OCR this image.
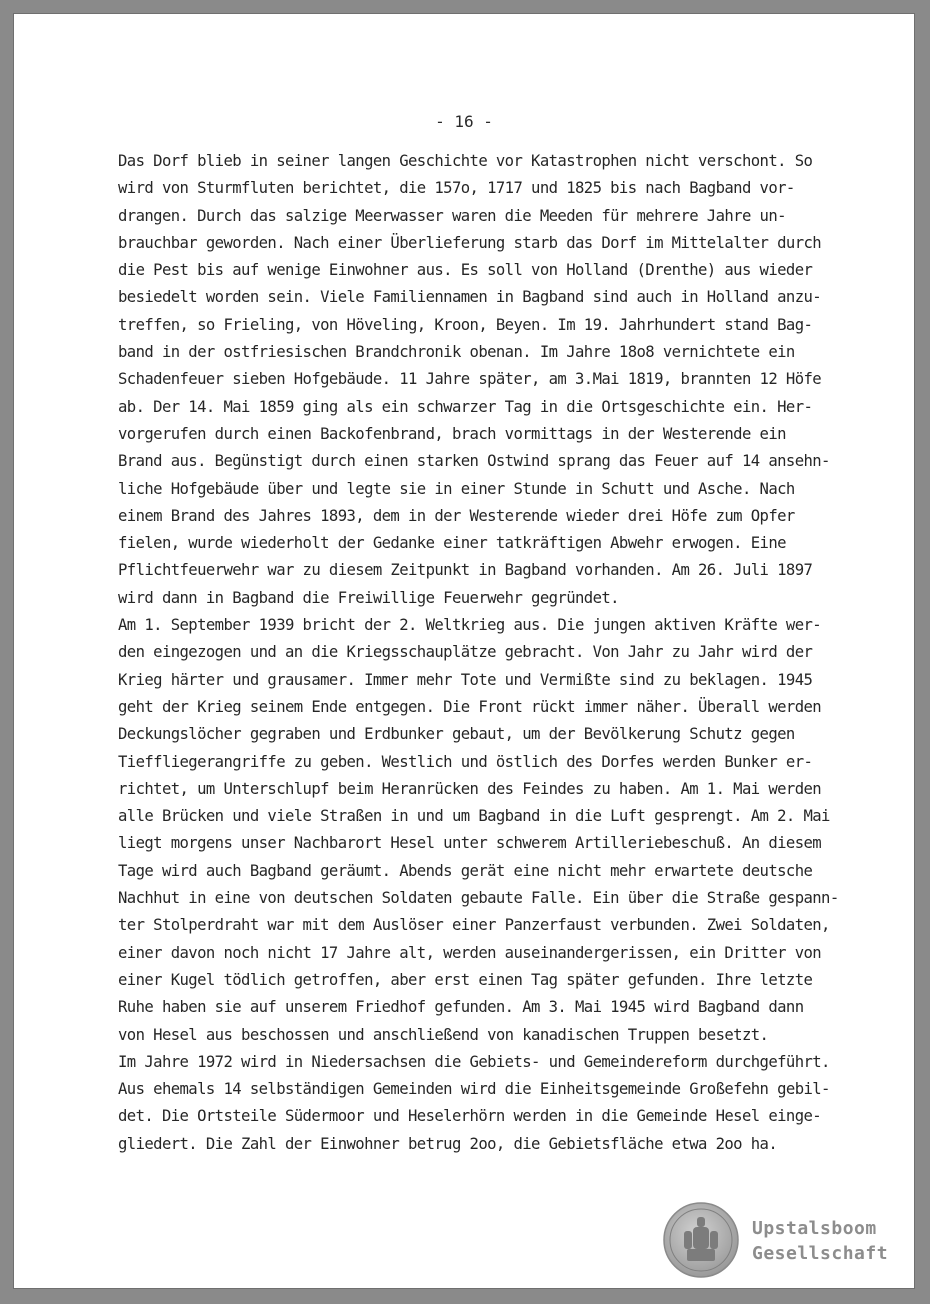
- 16 -
Das Dorf blieb in seiner langen Geschichte vor Katastrophen nicht verschont. So
wird von Sturmfluten berichtet, die 157o, 1717 und 1825 bis nach Bagband vor-
drangen. Durch das salzige Meerwasser waren die Meeden für mehrere Jahre un-
brauchbar geworden. Nach einer Überlieferung starb das Dorf im Mittelalter durch
die Pest bis auf wenige Einwohner aus. Es soll von Holland (Drenthe) aus wieder
besiedelt worden sein. Viele Familiennamen in Bagband sind auch in Holland anzu-
treffen, so Frieling, von Höveling, Kroon, Beyen. Im 19. Jahrhundert stand Bag-
band in der ostfriesischen Brandchronik obenan. Im Jahre 18o8 vernichtete ein
Schadenfeuer sieben Hofgebäude. 11 Jahre später, am 3.Mai 1819, brannten 12 Höfe
ab. Der 14. Mai 1859 ging als ein schwarzer Tag in die Ortsgeschichte ein. Her-
vorgerufen durch einen Backofenbrand, brach vormittags in der Westerende ein
Brand aus. Begünstigt durch einen starken Ostwind sprang das Feuer auf 14 ansehn-
liche Hofgebäude über und legte sie in einer Stunde in Schutt und Asche. Nach
einem Brand des Jahres 1893, dem in der Westerende wieder drei Höfe zum Opfer
fielen, wurde wiederholt der Gedanke einer tatkräftigen Abwehr erwogen. Eine
Pflichtfeuerwehr war zu diesem Zeitpunkt in Bagband vorhanden. Am 26. Juli 1897
wird dann in Bagband die Freiwillige Feuerwehr gegründet.
Am 1. September 1939 bricht der 2. Weltkrieg aus. Die jungen aktiven Kräfte wer-
den eingezogen und an die Kriegsschauplätze gebracht. Von Jahr zu Jahr wird der
Krieg härter und grausamer. Immer mehr Tote und Vermißte sind zu beklagen. 1945
geht der Krieg seinem Ende entgegen. Die Front rückt immer näher. Überall werden
Deckungslöcher gegraben und Erdbunker gebaut, um der Bevölkerung Schutz gegen
Tieffliegerangriffe zu geben. Westlich und östlich des Dorfes werden Bunker er-
richtet, um Unterschlupf beim Heranrücken des Feindes zu haben. Am 1. Mai werden
alle Brücken und viele Straßen in und um Bagband in die Luft gesprengt. Am 2. Mai
liegt morgens unser Nachbarort Hesel unter schwerem Artilleriebeschuß. An diesem
Tage wird auch Bagband geräumt. Abends gerät eine nicht mehr erwartete deutsche
Nachhut in eine von deutschen Soldaten gebaute Falle. Ein über die Straße gespann-
ter Stolperdraht war mit dem Auslöser einer Panzerfaust verbunden. Zwei Soldaten,
einer davon noch nicht 17 Jahre alt, werden auseinandergerissen, ein Dritter von
einer Kugel tödlich getroffen, aber erst einen Tag später gefunden. Ihre letzte
Ruhe haben sie auf unserem Friedhof gefunden. Am 3. Mai 1945 wird Bagband dann
von Hesel aus beschossen und anschließend von kanadischen Truppen besetzt.
Im Jahre 1972 wird in Niedersachsen die Gebiets- und Gemeindereform durchgeführt.
Aus ehemals 14 selbständigen Gemeinden wird die Einheitsgemeinde Großefehn gebil-
det. Die Ortsteile Südermoor und Heselerhörn werden in die Gemeinde Hesel einge-
gliedert. Die Zahl der Einwohner betrug 2oo, die Gebietsfläche etwa 2oo ha.
Upstalsboom
Gesellschaft
